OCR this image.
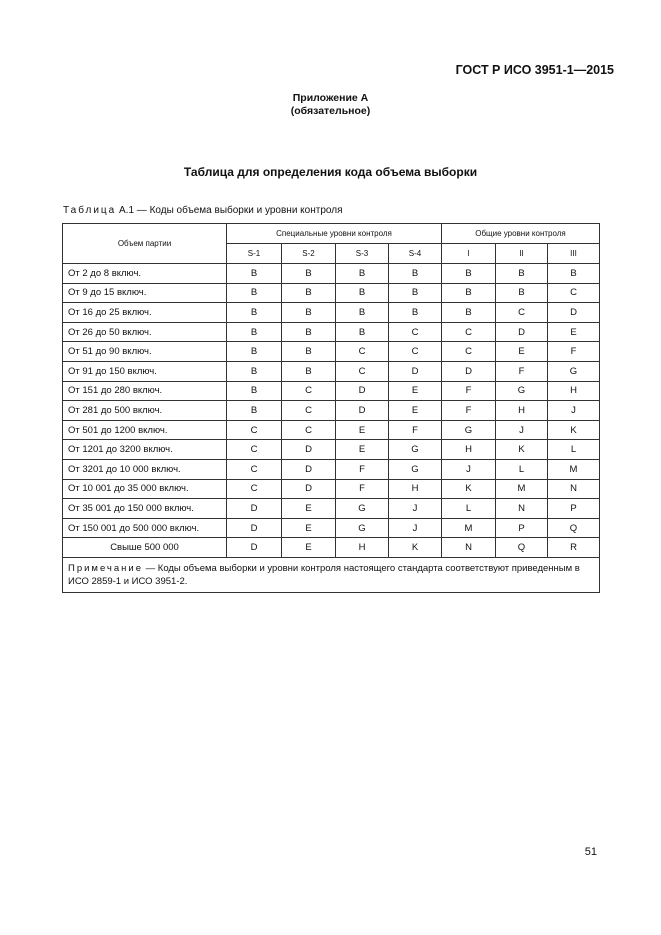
ГОСТ Р ИСО 3951-1—2015
Приложение А
(обязательное)
Таблица для определения кода объема выборки
Таблица А.1 — Коды объема выборки и уровни контроля
Объем партии	Специальные уровни контроля				Общие уровни контроля		
	S-1	S-2	S-3	S-4	I	II	III
От 2 до 8 включ.	B	B	B	B	B	B	B
От 9 до 15 включ.	B	B	B	B	B	B	C
От 16 до 25 включ.	B	B	B	B	B	C	D
От 26 до 50 включ.	B	B	B	C	C	D	E
От 51 до 90 включ.	B	B	C	C	C	E	F
От 91 до 150 включ.	B	B	C	D	D	F	G
От 151 до 280 включ.	B	C	D	E	F	G	H
От 281 до 500 включ.	B	C	D	E	F	H	J
От 501 до 1200 включ.	C	C	E	F	G	J	K
От 1201 до 3200 включ.	C	D	E	G	H	K	L
От 3201 до 10 000 включ.	C	D	F	G	J	L	M
От 10 001 до 35 000 включ.	C	D	F	H	K	M	N
От 35 001 до 150 000 включ.	D	E	G	J	L	N	P
От 150 001 до 500 000 включ.	D	E	G	J	M	P	Q
Свыше 500 000	D	E	H	K	N	Q	R
Примечание — Коды объема выборки и уровни контроля настоящего стандарта соответствуют приведенным в ИСО 2859-1 и ИСО 3951-2.							
51
